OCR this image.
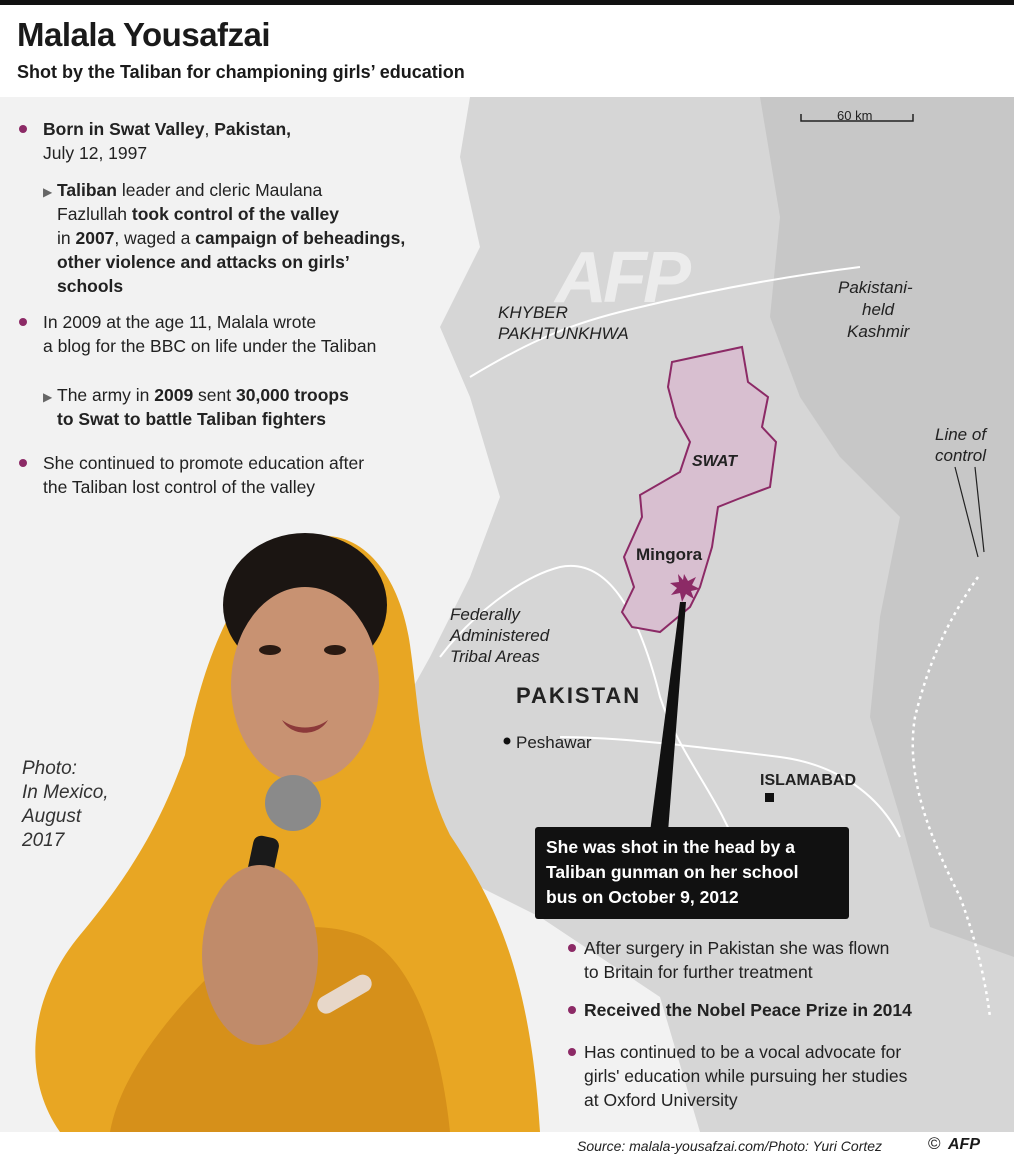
Malala Yousafzai

Shot by the Taliban for championing girls’ education

AFP
60 km
KHYBER
PAKHTUNKHWA
Pakistani-
held
Kashmir
SWAT
Mingora
Line of
control
Federally
Administered
Tribal Areas
PAKISTAN
Peshawar
ISLAMABAD
Born in Swat Valley, Pakistan,
July 12, 1997
▶ Taliban leader and cleric Maulana
Fazlullah took control of the valley
in 2007, waged a campaign of beheadings,
other violence and attacks on girls’
schools
In 2009 at the age 11, Malala wrote
a blog for the BBC on life under the Taliban
▶ The army in 2009 sent 30,000 troops
to Swat to battle Taliban fighters
She continued to promote education after
the Taliban lost control of the valley
Photo:
In Mexico,
August
2017	She was shot in the head by a
Taliban gunman on her school
bus on October 9, 2012
After surgery in Pakistan she was flown
to Britain for further treatment
Received the Nobel Peace Prize in 2014
Has continued to be a vocal advocate for
girls' education while pursuing her studies
at Oxford University
Source: malala-yousafzai.com/Photo: Yuri Cortez	© AFP
